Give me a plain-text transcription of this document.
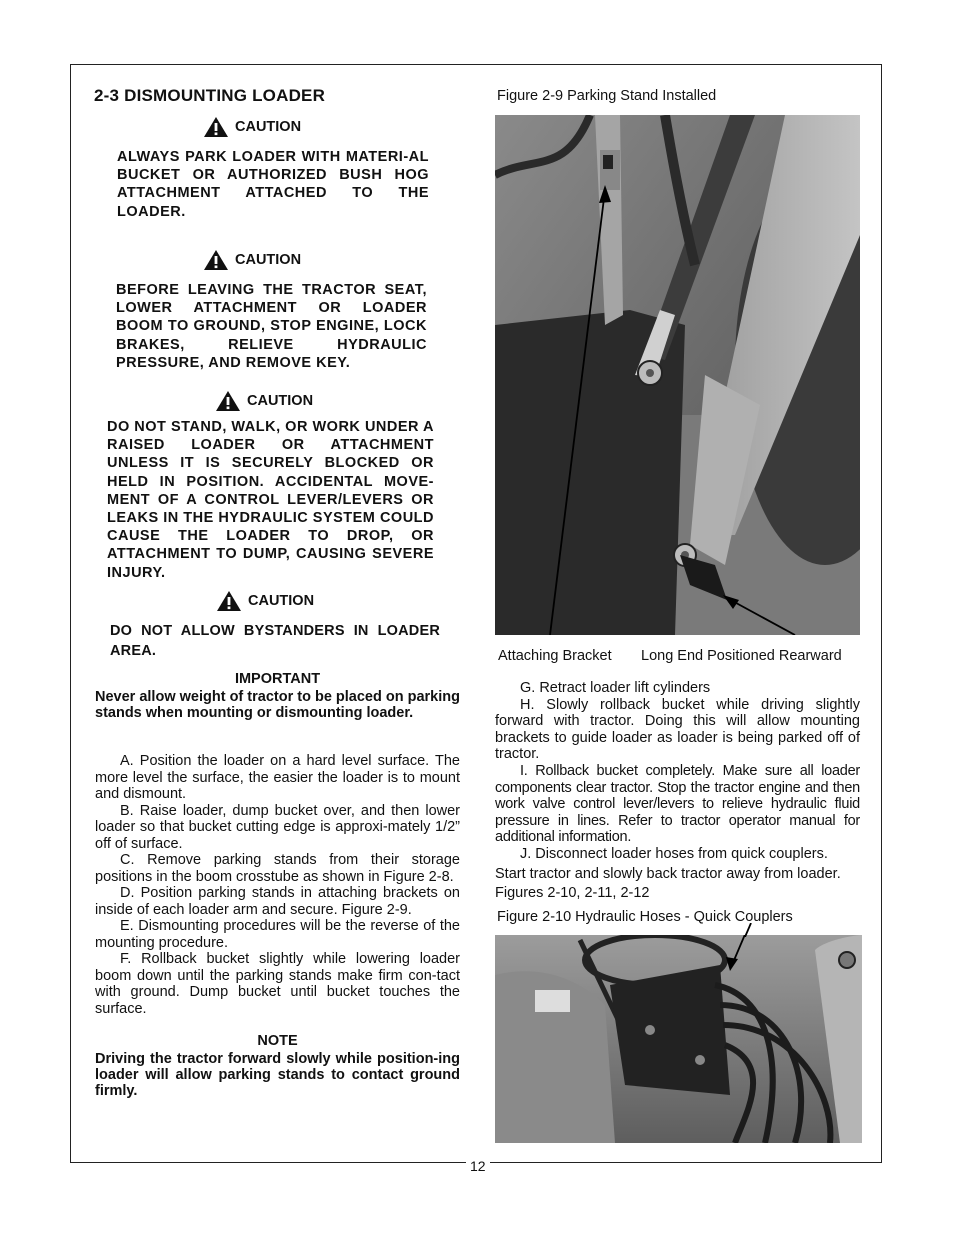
12
2-3 DISMOUNTING LOADER
CAUTION

ALWAYS PARK LOADER WITH MATERI-AL BUCKET OR AUTHORIZED BUSH HOG ATTACHMENT ATTACHED TO THE LOADER.

CAUTION

BEFORE LEAVING THE TRACTOR SEAT, LOWER ATTACHMENT OR LOADER BOOM TO GROUND, STOP ENGINE, LOCK BRAKES, RELIEVE HYDRAULIC PRESSURE, AND REMOVE KEY.

CAUTION

DO NOT STAND, WALK, OR WORK UNDER A RAISED LOADER OR ATTACHMENT UNLESS IT IS SECURELY BLOCKED OR HELD IN POSITION. ACCIDENTAL MOVE-MENT OF A CONTROL LEVER/LEVERS OR LEAKS IN THE HYDRAULIC SYSTEM COULD CAUSE THE LOADER TO DROP, OR ATTACHMENT TO DUMP, CAUSING SEVERE INJURY.

CAUTION

DO NOT ALLOW BYSTANDERS IN LOADER AREA.

IMPORTANT
Never allow weight of tractor to be placed on parking stands when mounting or dismounting loader.

A. Position the loader on a hard level surface. The more level the surface, the easier the loader is to mount and dismount.

B. Raise loader, dump bucket over, and then lower loader so that bucket cutting edge is approxi-mately 1/2” off of surface.

C. Remove parking stands from their storage positions in the boom crosstube as shown in Figure 2-8.

D. Position parking stands in attaching brackets on inside of each loader arm and secure. Figure 2-9.

E. Dismounting procedures will be the reverse of the mounting procedure.

F. Rollback bucket slightly while lowering loader boom down until the parking stands make firm con-tact with ground. Dump bucket until bucket touches the surface.

NOTE
Driving the tractor forward slowly while position-ing loader will allow parking stands to contact ground firmly.
Figure 2-9 Parking Stand Installed
Attaching Bracket Long End Positioned Rearward

G. Retract loader lift cylinders

H. Slowly rollback bucket while driving slightly forward with tractor. Doing this will allow mounting brackets to guide loader as loader is being parked off of tractor.

I. Rollback bucket completely. Make sure all loader components clear tractor. Stop the tractor engine and then work valve control lever/levers to relieve hydraulic fluid pressure in lines. Refer to tractor operator manual for additional information.

J. Disconnect loader hoses from quick couplers.

Start tractor and slowly back tractor away from loader. Figures 2-10, 2-11, 2-12

Figure 2-10 Hydraulic Hoses - Quick Couplers
